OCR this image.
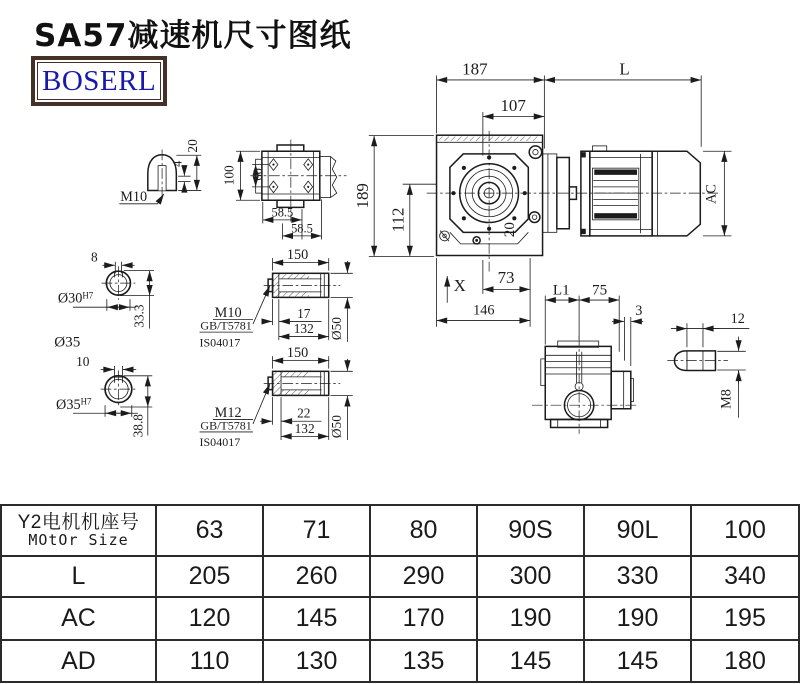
SA57减速机尺寸图纸
BOSERL
M10
4
20
100 60
58.5
58.5
8
$Ø30^{H7}$
33.3
Ø35
10
$Ø35^{H7}$
38.8
150
M10
GB/T5781
IS04017
17
132 Ø50
150
M12
GB/T5781
IS04017
22
132 Ø50
20
187	L
107
189
112
AC
X 73
146
L1 75
3
12
M8
Y2电机机座号
MOtOr Size	63	71	80	90S	90L	100
L	205	260	290	300	330	340
AC	120	145	170	190	190	195
AD	110	130	135	145	145	180
